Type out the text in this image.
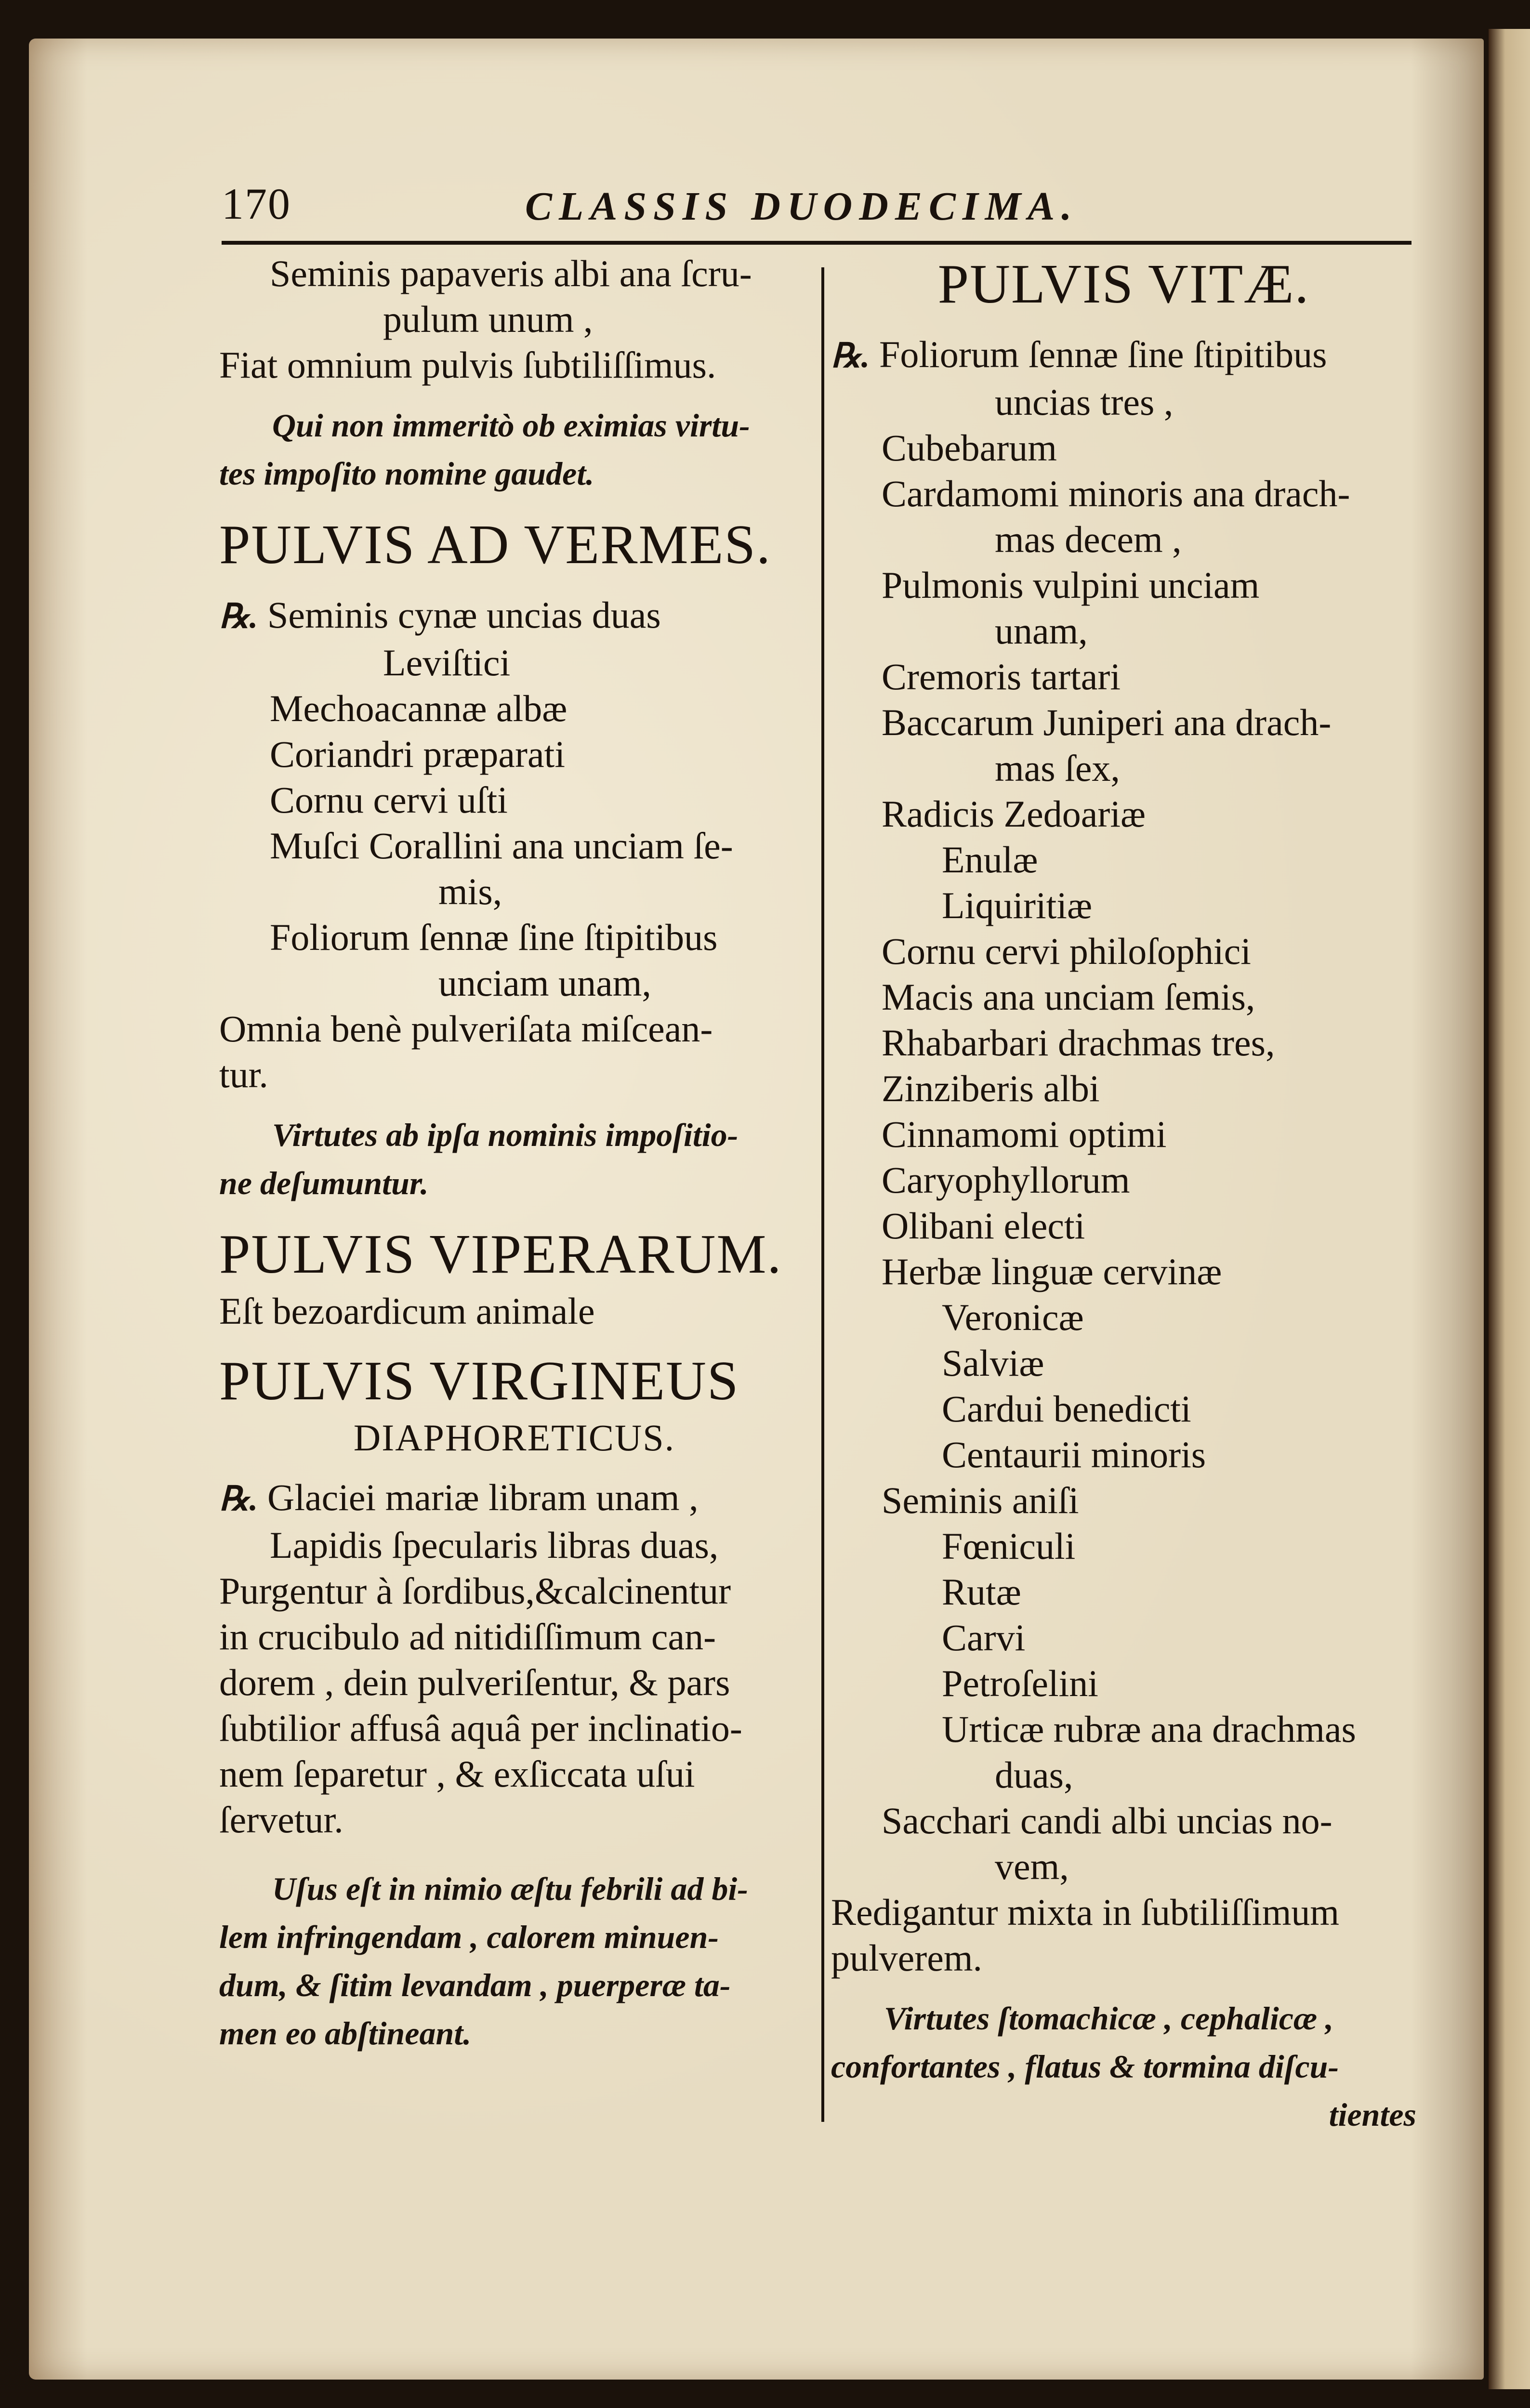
170	CLASSIS DUODECIMA.
Seminis papaveris albi ana ſcru-
pulum unum ,
Fiat omnium pulvis ſubtiliſſimus.
Qui non immeritò ob eximias virtu-
tes impoſito nomine gaudet.
PULVIS AD VERMES.
℞. Seminis cynæ uncias duas
Leviſtici
Mechoacannæ albæ
Coriandri præparati
Cornu cervi uſti
Muſci Corallini ana unciam ſe-
mis,
Foliorum ſennæ ſine ſtipitibus
unciam unam,
Omnia benè pulveriſata miſcean-
tur.
Virtutes ab ipſa nominis impoſitio-
ne deſumuntur.
PULVIS VIPERARUM.
Eſt bezoardicum animale
PULVIS VIRGINEUS
DIAPHORETICUS.
℞. Glaciei mariæ libram unam ,
Lapidis ſpecularis libras duas,
Purgentur à ſordibus,&calcinentur
in crucibulo ad nitidiſſimum can-
dorem , dein pulveriſentur, & pars
ſubtilior affusâ aquâ per inclinatio-
nem ſeparetur , & exſiccata uſui
ſervetur.
Uſus eſt in nimio æſtu febrili ad bi-
lem infringendam , calorem minuen-
dum, & ſitim levandam , puerperæ ta-
men eo abſtineant.
PULVIS VITÆ.
℞. Foliorum ſennæ ſine ſtipitibus
uncias tres ,
Cubebarum
Cardamomi minoris ana drach-
mas decem ,
Pulmonis vulpini unciam
unam,
Cremoris tartari
Baccarum Juniperi ana drach-
mas ſex,
Radicis Zedoariæ
Enulæ
Liquiritiæ
Cornu cervi philoſophici
Macis ana unciam ſemis,
Rhabarbari drachmas tres,
Zinziberis albi
Cinnamomi optimi
Caryophyllorum
Olibani electi
Herbæ linguæ cervinæ
Veronicæ
Salviæ
Cardui benedicti
Centaurii minoris
Seminis aniſi
Fœniculi
Rutæ
Carvi
Petroſelini
Urticæ rubræ ana drachmas
duas,
Sacchari candi albi uncias no-
vem,
Redigantur mixta in ſubtiliſſimum
pulverem.
Virtutes ſtomachicæ , cephalicæ ,
confortantes , flatus & tormina diſcu-
tientes
